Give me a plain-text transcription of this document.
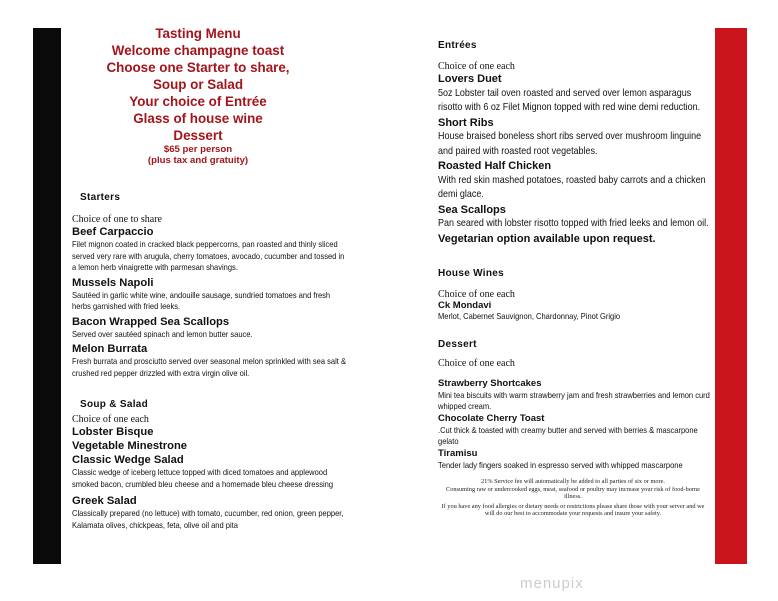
Tasting Menu
Welcome champagne toast
Choose one Starter to share,
Soup or Salad
Your choice of Entrée
Glass of house wine
Dessert
$65 per person
(plus tax and gratuity)
Starters
Choice of one to share
Beef Carpaccio
Filet mignon coated in cracked black peppercorns, pan roasted and thinly sliced served very rare with arugula, cherry tomatoes, avocado, cucumber and tossed in a lemon herb vinaigrette with parmesan shavings.
Mussels Napoli
Sautéed in garlic white wine, andouille sausage, sundried tomatoes and fresh herbs garnished with fried leeks.
Bacon Wrapped Sea Scallops
Served over sautéed spinach and lemon butter sauce.
Melon Burrata
Fresh burrata and prosciutto served over seasonal melon sprinkled with sea salt & crushed red pepper drizzled with extra virgin olive oil.
Soup & Salad
Choice of one each
Lobster Bisque
Vegetable Minestrone
Classic Wedge Salad
Classic wedge of iceberg lettuce topped with diced tomatoes and applewood smoked bacon, crumbled bleu cheese and a homemade bleu cheese dressing
Greek Salad
Classically prepared (no lettuce) with tomato, cucumber, red onion, green pepper, Kalamata olives, chickpeas, feta, olive oil and pita
Entrées
Choice of one each
Lovers Duet
5oz Lobster tail oven roasted and served over lemon asparagus risotto with 6 oz Filet Mignon topped with red wine demi reduction.
Short Ribs
House braised boneless short ribs served over mushroom linguine and paired with roasted root vegetables.
Roasted Half Chicken
With red skin mashed potatoes, roasted baby carrots and a chicken demi glace.
Sea Scallops
Pan seared with lobster risotto topped with fried leeks and lemon oil.
Vegetarian option available upon request.
House Wines
Choice of one each
Ck Mondavi
Merlot, Cabernet Sauvignon, Chardonnay, Pinot Grigio
Dessert
Choice of one each
Strawberry Shortcakes
Mini tea biscuits with warm strawberry jam and fresh strawberries and lemon curd whipped cream.
Chocolate Cherry Toast
.Cut thick & toasted with creamy butter and served with berries & mascarpone gelato
Tiramisu
Tender lady fingers soaked in espresso served with whipped mascarpone
21% Service fee will automatically be added to all parties of six or more.
Consuming raw or undercooked eggs, meat, seafood or poultry may increase your risk of food-borne illness.
If you have any food allergies or dietary needs or restrictions please share those with your server and we will do our best to accommodate your requests and insure your safety.
menupix
